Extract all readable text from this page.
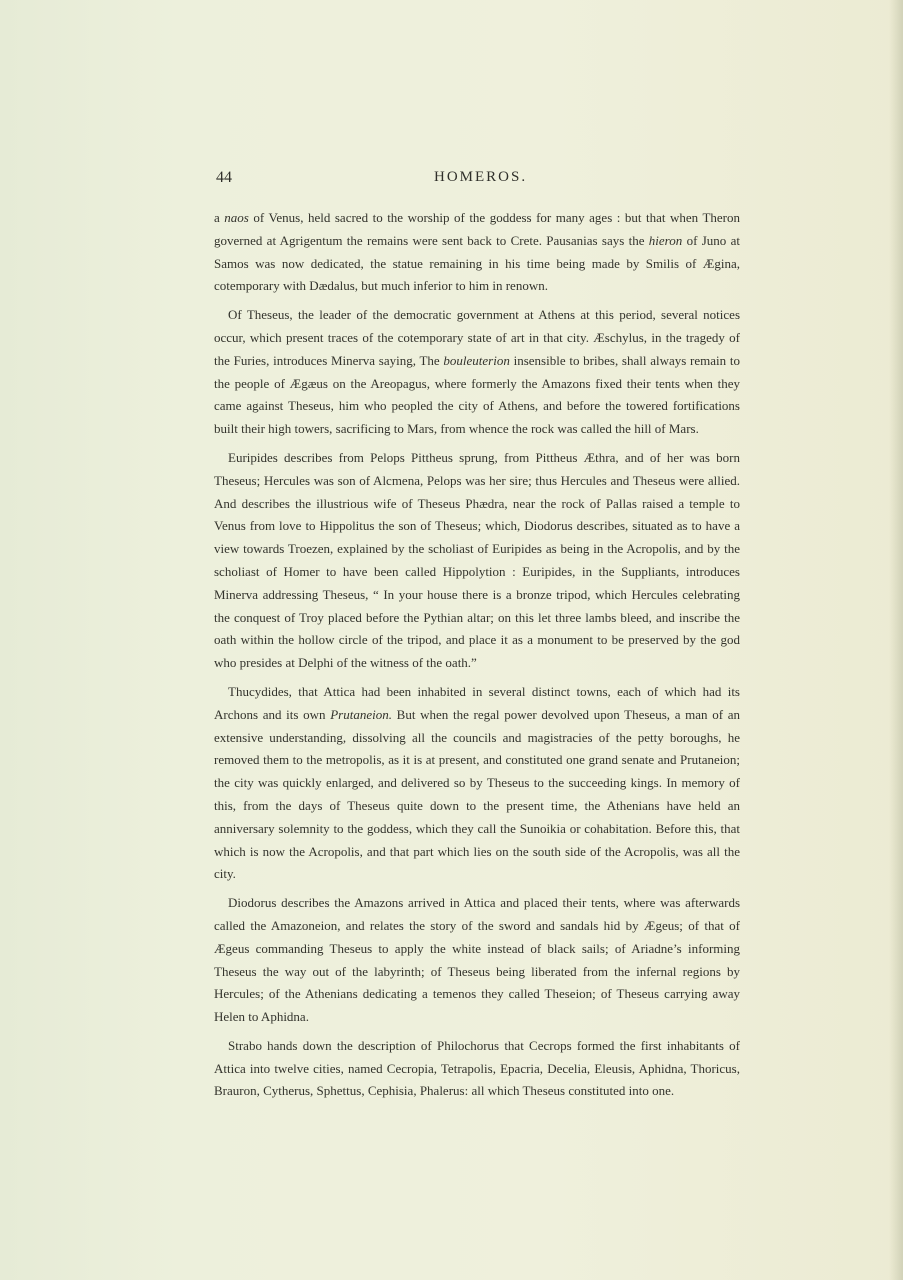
44	HOMEROS.

a naos of Venus, held sacred to the worship of the goddess for many ages : but that when Theron governed at Agrigentum the remains were sent back to Crete. Pausanias says the hieron of Juno at Samos was now dedicated, the statue remaining in his time being made by Smilis of Ægina, cotemporary with Dædalus, but much inferior to him in renown.

Of Theseus, the leader of the democratic government at Athens at this period, several notices occur, which present traces of the cotemporary state of art in that city. Æschylus, in the tragedy of the Furies, introduces Minerva saying, The bouleuterion insensible to bribes, shall always remain to the people of Ægæus on the Areopagus, where formerly the Amazons fixed their tents when they came against Theseus, him who peopled the city of Athens, and before the towered fortifications built their high towers, sacrificing to Mars, from whence the rock was called the hill of Mars.

Euripides describes from Pelops Pittheus sprung, from Pittheus Æthra, and of her was born Theseus; Hercules was son of Alcmena, Pelops was her sire; thus Hercules and Theseus were allied. And describes the illustrious wife of Theseus Phædra, near the rock of Pallas raised a temple to Venus from love to Hippolitus the son of Theseus; which, Diodorus describes, situated as to have a view towards Troezen, explained by the scholiast of Euripides as being in the Acropolis, and by the scholiast of Homer to have been called Hippolytion : Euripides, in the Suppliants, introduces Minerva addressing Theseus, “ In your house there is a bronze tripod, which Hercules celebrating the conquest of Troy placed before the Pythian altar; on this let three lambs bleed, and inscribe the oath within the hollow circle of the tripod, and place it as a monument to be preserved by the god who presides at Delphi of the witness of the oath.”

Thucydides, that Attica had been inhabited in several distinct towns, each of which had its Archons and its own Prutaneion. But when the regal power devolved upon Theseus, a man of an extensive understanding, dissolving all the councils and magistracies of the petty boroughs, he removed them to the metropolis, as it is at present, and constituted one grand senate and Prutaneion; the city was quickly enlarged, and delivered so by Theseus to the succeeding kings. In memory of this, from the days of Theseus quite down to the present time, the Athenians have held an anniversary solemnity to the goddess, which they call the Sunoikia or cohabitation. Before this, that which is now the Acropolis, and that part which lies on the south side of the Acropolis, was all the city.

Diodorus describes the Amazons arrived in Attica and placed their tents, where was afterwards called the Amazoneion, and relates the story of the sword and sandals hid by Ægeus; of that of Ægeus commanding Theseus to apply the white instead of black sails; of Ariadne’s informing Theseus the way out of the labyrinth; of Theseus being liberated from the infernal regions by Hercules; of the Athenians dedicating a temenos they called Theseion; of Theseus carrying away Helen to Aphidna.

Strabo hands down the description of Philochorus that Cecrops formed the first inhabitants of Attica into twelve cities, named Cecropia, Tetrapolis, Epacria, Decelia, Eleusis, Aphidna, Thoricus, Brauron, Cytherus, Sphettus, Cephisia, Phalerus: all which Theseus constituted into one.
